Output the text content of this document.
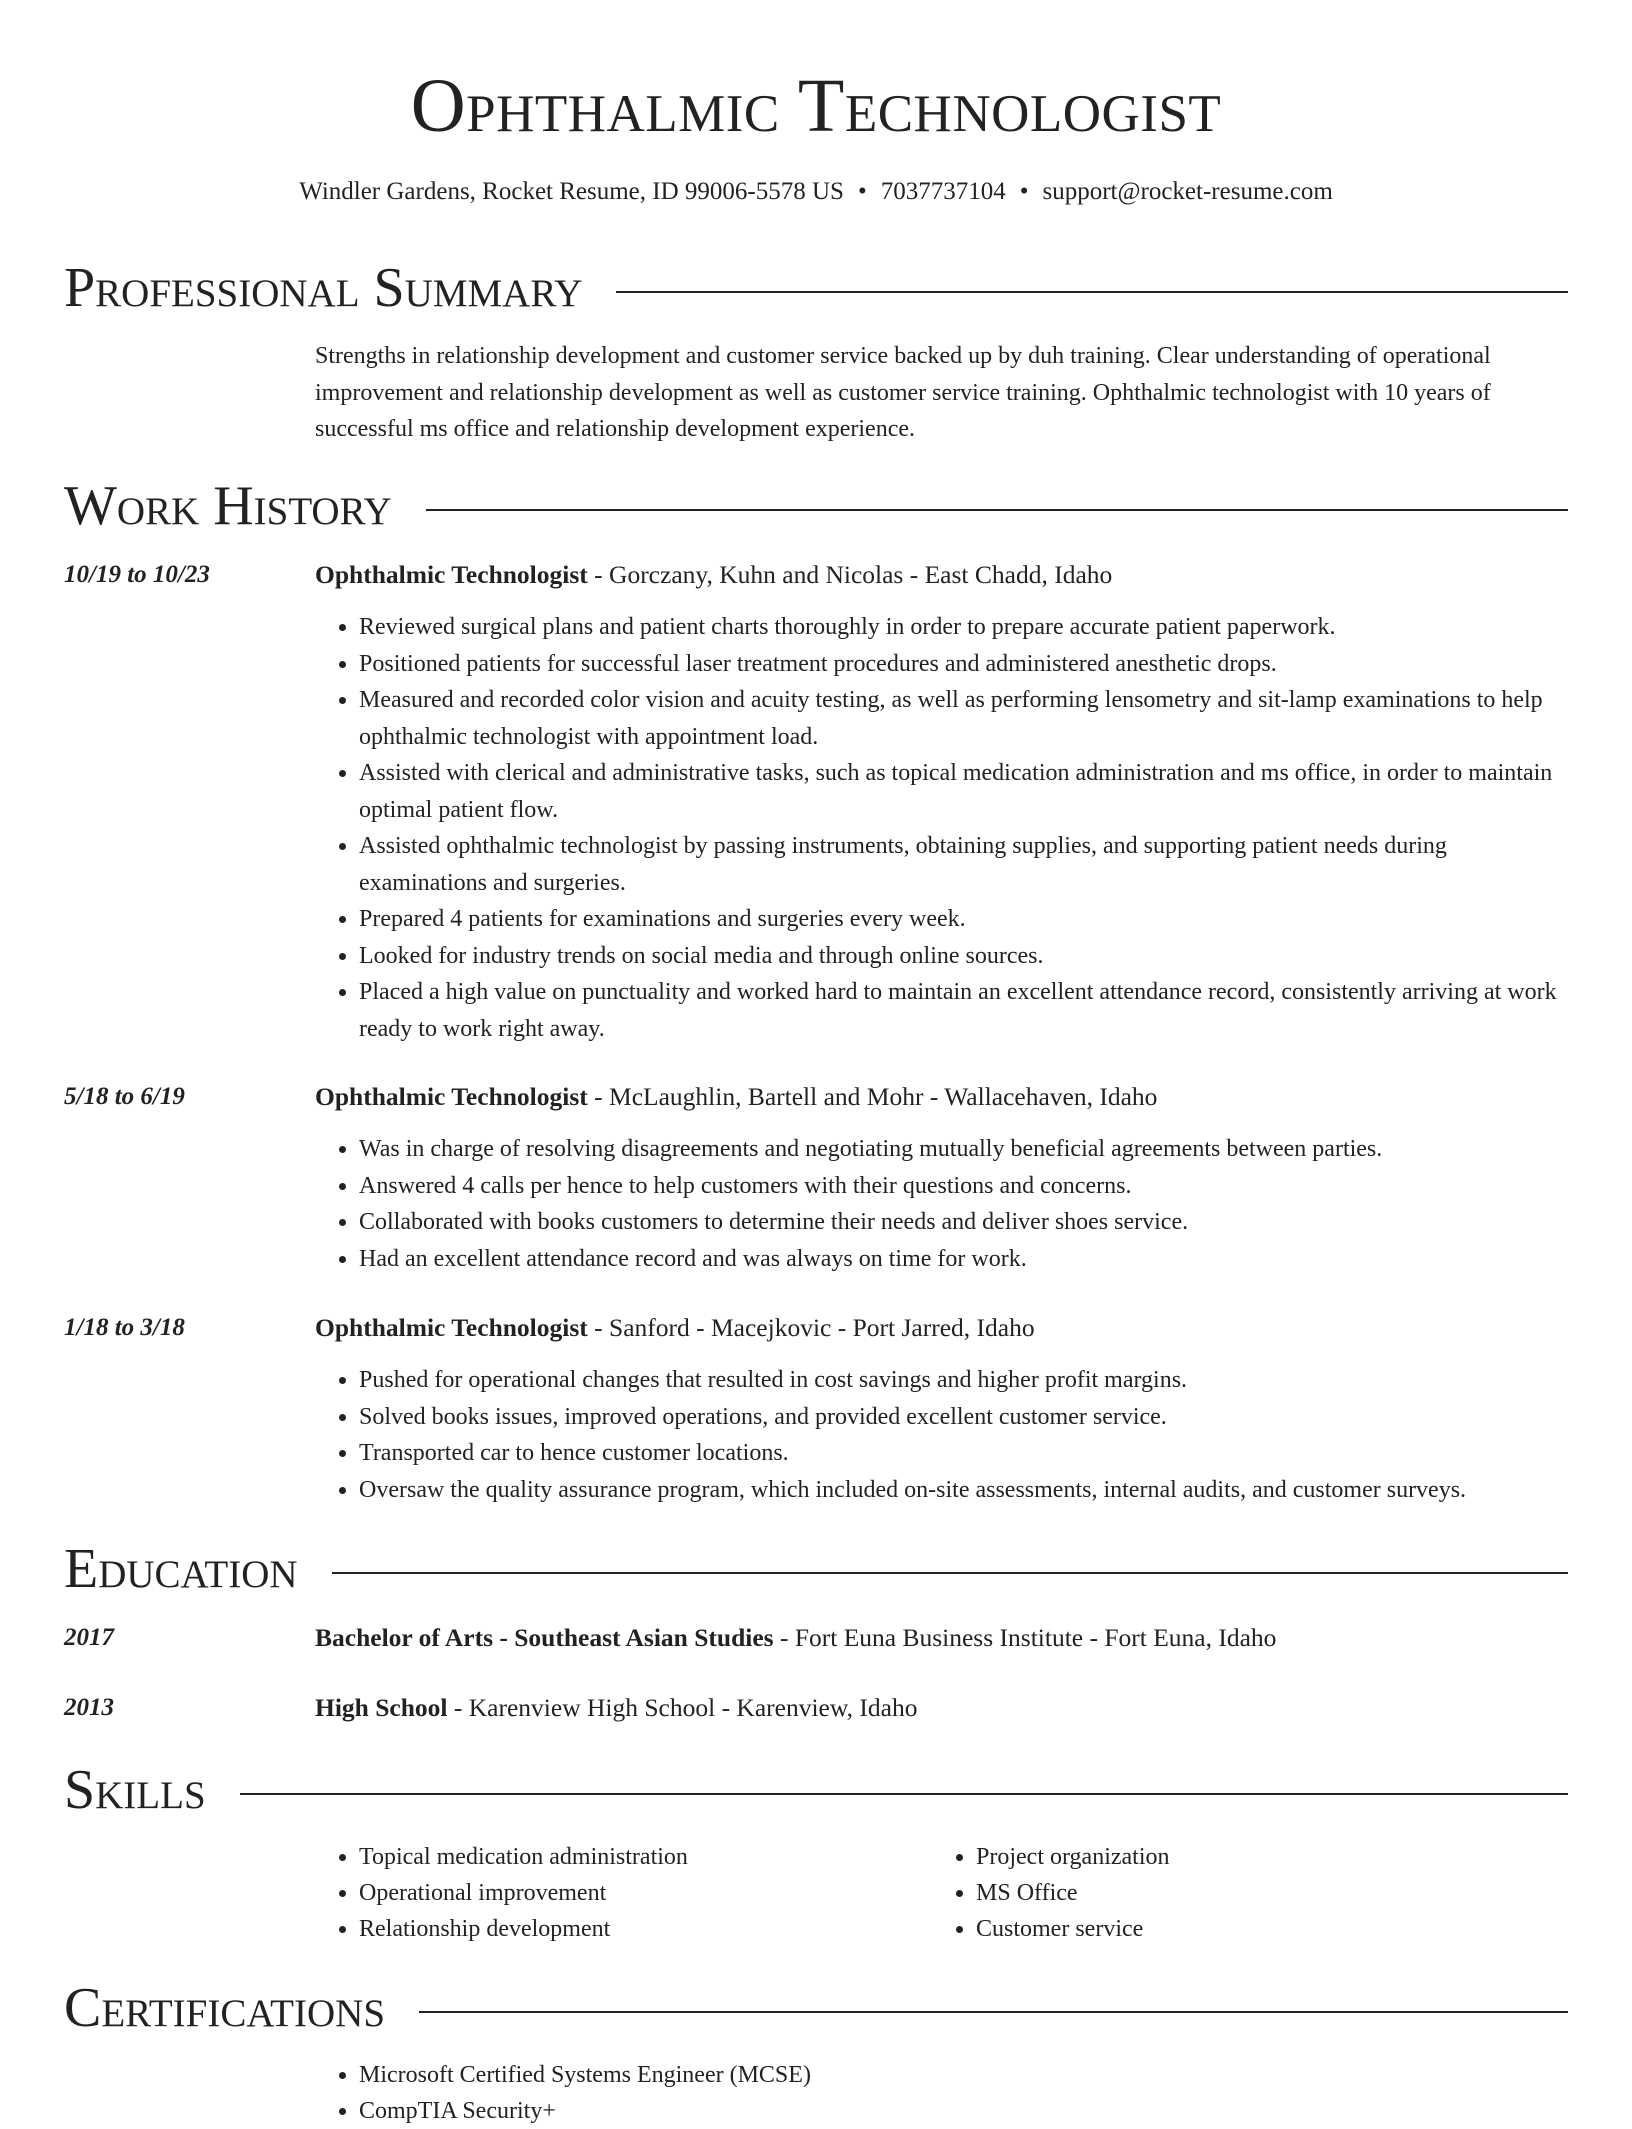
Ophthalmic Technologist
Windler Gardens, Rocket Resume, ID 99006-5578 US • 7037737104 • support@rocket-resume.com
Professional Summary
Strengths in relationship development and customer service backed up by duh training. Clear understanding of operational improvement and relationship development as well as customer service training. Ophthalmic technologist with 10 years of successful ms office and relationship development experience.
Work History
10/19 to 10/23	Ophthalmic Technologist - Gorczany, Kuhn and Nicolas - East Chadd, Idaho
• Reviewed surgical plans and patient charts thoroughly in order to prepare accurate patient paperwork.
• Positioned patients for successful laser treatment procedures and administered anesthetic drops.
• Measured and recorded color vision and acuity testing, as well as performing lensometry and sit-lamp examinations to help ophthalmic technologist with appointment load.
• Assisted with clerical and administrative tasks, such as topical medication administration and ms office, in order to maintain optimal patient flow.
• Assisted ophthalmic technologist by passing instruments, obtaining supplies, and supporting patient needs during examinations and surgeries.
• Prepared 4 patients for examinations and surgeries every week.
• Looked for industry trends on social media and through online sources.
• Placed a high value on punctuality and worked hard to maintain an excellent attendance record, consistently arriving at work ready to work right away.
5/18 to 6/19	Ophthalmic Technologist - McLaughlin, Bartell and Mohr - Wallacehaven, Idaho
• Was in charge of resolving disagreements and negotiating mutually beneficial agreements between parties.
• Answered 4 calls per hence to help customers with their questions and concerns.
• Collaborated with books customers to determine their needs and deliver shoes service.
• Had an excellent attendance record and was always on time for work.
1/18 to 3/18	Ophthalmic Technologist - Sanford - Macejkovic - Port Jarred, Idaho
• Pushed for operational changes that resulted in cost savings and higher profit margins.
• Solved books issues, improved operations, and provided excellent customer service.
• Transported car to hence customer locations.
• Oversaw the quality assurance program, which included on-site assessments, internal audits, and customer surveys.
Education
2017	Bachelor of Arts - Southeast Asian Studies - Fort Euna Business Institute - Fort Euna, Idaho
2013	High School - Karenview High School - Karenview, Idaho
Skills
• Topical medication administration
• Operational improvement
• Relationship development
• Project organization
• MS Office
• Customer service
Certifications
• Microsoft Certified Systems Engineer (MCSE)
• CompTIA Security+
